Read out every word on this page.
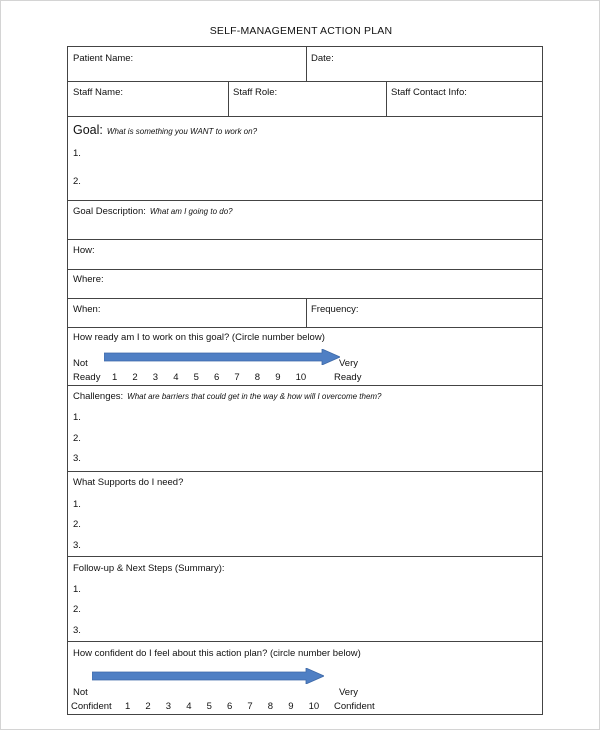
SELF-MANAGEMENT ACTION PLAN
Patient Name:	Date:
Staff Name:	Staff Role:	Staff Contact Info:
Goal: What is something you WANT to work on?
1.
2.
Goal Description: What am I going to do?
How:
Where:
When:	Frequency:
How ready am I to work on this goal? (Circle number below)
Not
Ready
Very
Ready
1 2 3 4 5 6 7 8 9 10
Challenges: What are barriers that could get in the way & how will I overcome them?
1.
2.
3.
What Supports do I need?
1.
2.
3.
Follow-up & Next Steps (Summary):
1.
2.
3.
How confident do I feel about this action plan? (circle number below)
Not
Confident
Very
Confident
1 2 3 4 5 6 7 8 9 10
